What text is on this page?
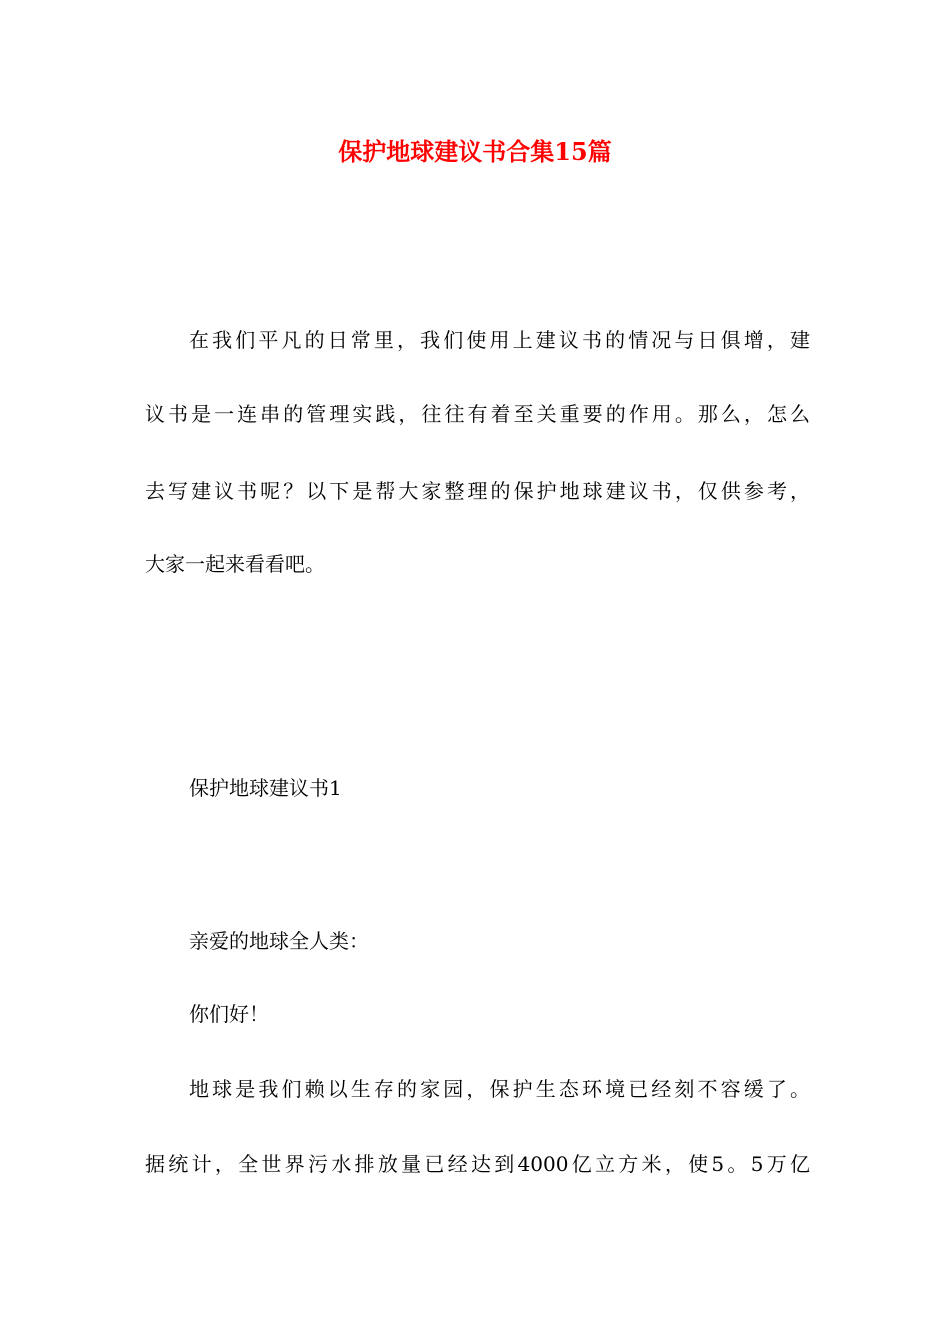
保护地球建议书合集15篇

在我们平凡的日常里，我们使用上建议书的情况与日俱增，建

议书是一连串的管理实践，往往有着至关重要的作用。那么，怎么

去写建议书呢？以下是帮大家整理的保护地球建议书，仅供参考，

大家一起来看看吧。

保护地球建议书1

亲爱的地球全人类：

你们好！

地球是我们赖以生存的家园，保护生态环境已经刻不容缓了。

据统计，全世界污水排放量已经达到4000亿立方米，使5。5万亿
